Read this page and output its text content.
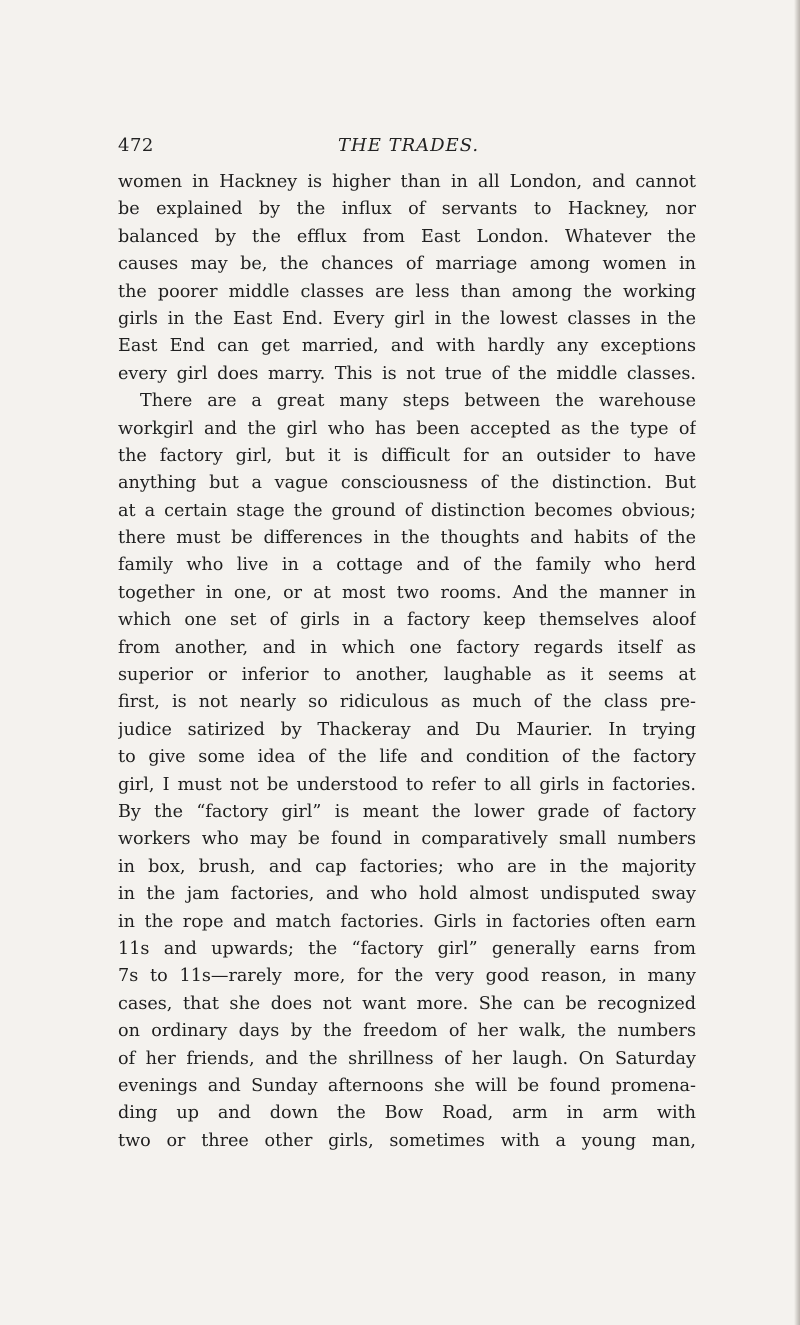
472	THE TRADES.
women in Hackney is higher than in all London, and cannot
be explained by the influx of servants to Hackney, nor
balanced by the efflux from East London. Whatever the
causes may be, the chances of marriage among women in
the poorer middle classes are less than among the working
girls in the East End. Every girl in the lowest classes in the
East End can get married, and with hardly any exceptions
every girl does marry. This is not true of the middle classes.
There are a great many steps between the warehouse
workgirl and the girl who has been accepted as the type of
the factory girl, but it is difficult for an outsider to have
anything but a vague consciousness of the distinction. But
at a certain stage the ground of distinction becomes obvious;
there must be differences in the thoughts and habits of the
family who live in a cottage and of the family who herd
together in one, or at most two rooms. And the manner in
which one set of girls in a factory keep themselves aloof
from another, and in which one factory regards itself as
superior or inferior to another, laughable as it seems at
first, is not nearly so ridiculous as much of the class pre-
judice satirized by Thackeray and Du Maurier. In trying
to give some idea of the life and condition of the factory
girl, I must not be understood to refer to all girls in factories.
By the “factory girl” is meant the lower grade of factory
workers who may be found in comparatively small numbers
in box, brush, and cap factories; who are in the majority
in the jam factories, and who hold almost undisputed sway
in the rope and match factories. Girls in factories often earn
11s and upwards; the “factory girl” generally earns from
7s to 11s—rarely more, for the very good reason, in many
cases, that she does not want more. She can be recognized
on ordinary days by the freedom of her walk, the numbers
of her friends, and the shrillness of her laugh. On Saturday
evenings and Sunday afternoons she will be found promena-
ding up and down the Bow Road, arm in arm with
two or three other girls, sometimes with a young man,
